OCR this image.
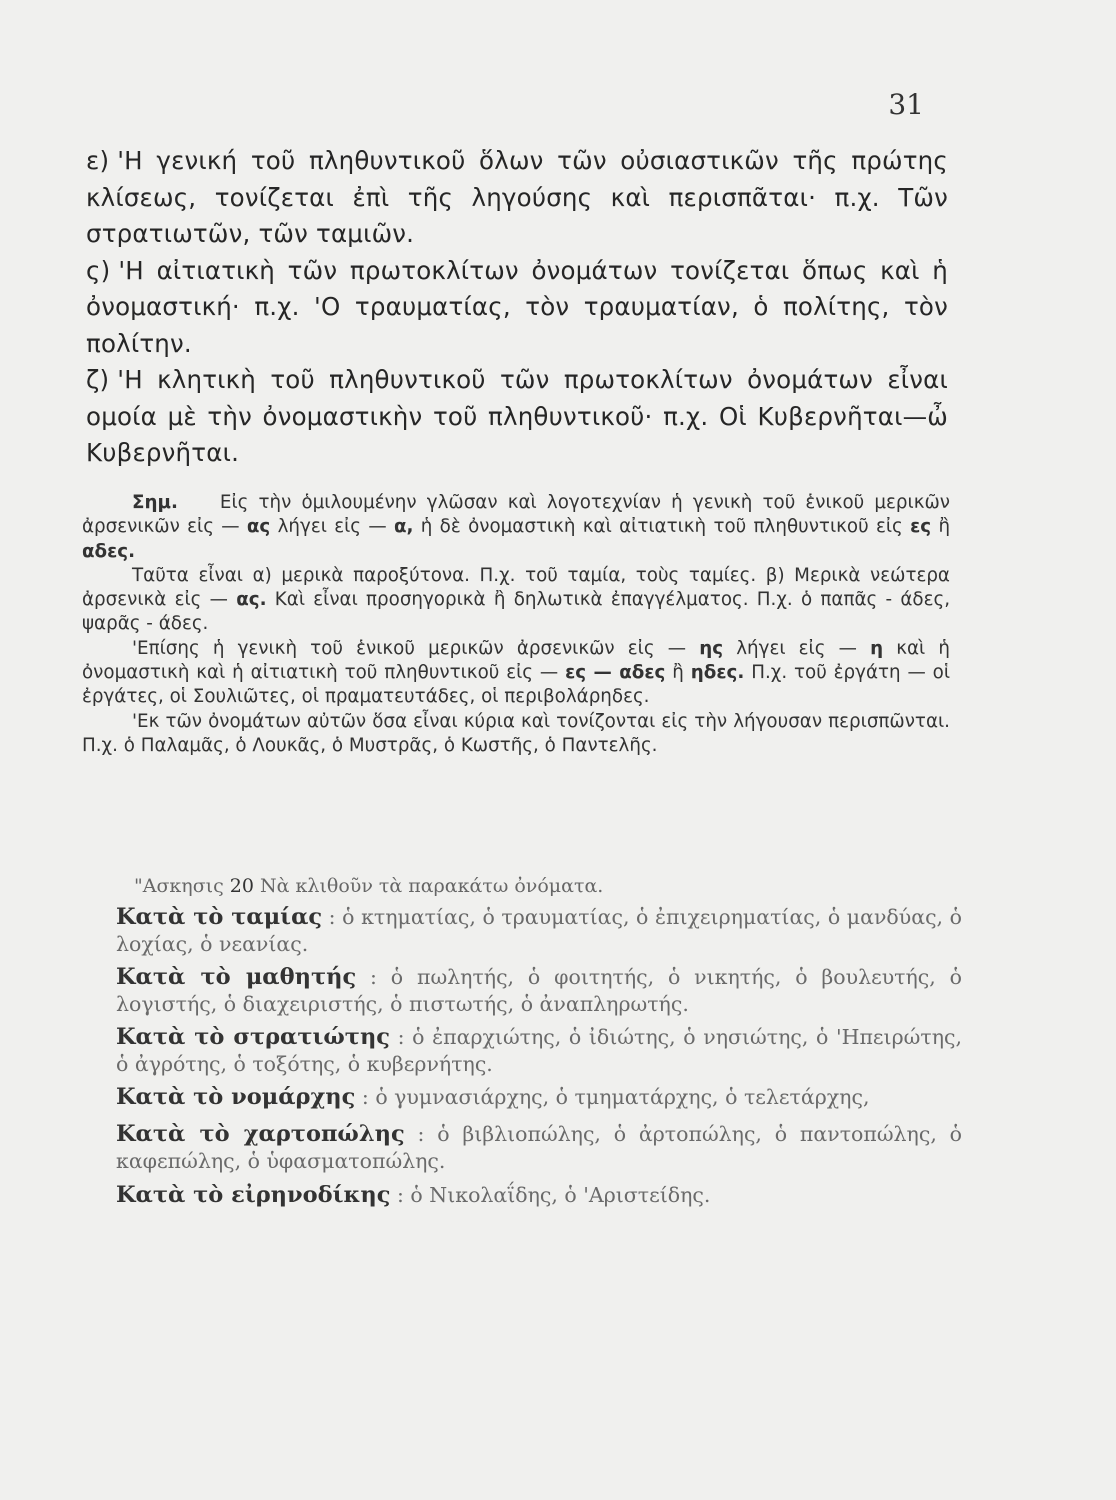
31

ε) 'Η γενική τοῦ πληθυντικοῦ ὅλων τῶν οὐσιαστικῶν τῆς πρώτης κλίσεως, τονίζεται ἐπὶ τῆς ληγούσης καὶ περισπᾶται· π.χ. Τῶν στρατιωτῶν, τῶν ταμιῶν.

ς) 'Η αἰτιατικὴ τῶν πρωτοκλίτων ὀνομάτων τονίζεται ὅπως καὶ ἡ ὀνομαστική· π.χ. 'Ο τραυματίας, τὸν τραυματίαν, ὁ πολίτης, τὸν πολίτην.

ζ) 'Η κλητικὴ τοῦ πληθυντικοῦ τῶν πρωτοκλίτων ὀνομάτων εἶναι ομοία μὲ τὴν ὀνομαστικὴν τοῦ πληθυντικοῦ· π.χ. Οἱ Κυβερνῆται—ὦ Κυβερνῆται.

Σημ. Εἰς τὴν ὁμιλουμένην γλῶσαν καὶ λογοτεχνίαν ἡ γενικὴ τοῦ ἑνικοῦ μερικῶν ἀρσενικῶν εἰς — ας λήγει εἰς — α, ἡ δὲ ὀνομαστικὴ καὶ αἰτιατικὴ τοῦ πληθυντικοῦ εἰς ες ἢ αδες.

Ταῦτα εἶναι α) μερικὰ παροξύτονα. Π.χ. τοῦ ταμία, τοὺς ταμίες. β) Μερικὰ νεώτερα ἀρσενικὰ εἰς — ας. Καὶ εἶναι προσηγορικὰ ἢ δηλωτικὰ ἐπαγγέλματος. Π.χ. ὁ παπᾶς - άδες, ψαρᾶς - άδες.

'Επίσης ἡ γενικὴ τοῦ ἑνικοῦ μερικῶν ἀρσενικῶν εἰς — ης λήγει εἰς — η καὶ ἡ ὀνομαστικὴ καὶ ἡ αἰτιατικὴ τοῦ πληθυντικοῦ εἰς — ες — αδες ἢ ηδες. Π.χ. τοῦ ἐργάτη — οἱ ἐργάτες, οἱ Σουλιῶτες, οἱ πραματευτάδες, οἱ περιβολάρηδες.

'Εκ τῶν ὀνομάτων αὐτῶν ὅσα εἶναι κύρια καὶ τονίζονται εἰς τὴν λήγουσαν περισπῶνται. Π.χ. ὁ Παλαμᾶς, ὁ Λουκᾶς, ὁ Μυστρᾶς, ὁ Κωστῆς, ὁ Παντελῆς.

"Ασκησις 20 Νὰ κλιθοῦν τὰ παρακάτω ὀνόματα.

Κατὰ τὸ ταμίας : ὁ κτηματίας, ὁ τραυματίας, ὁ ἐπιχειρηματίας, ὁ μανδύας, ὁ λοχίας, ὁ νεανίας.

Κατὰ τὸ μαθητής : ὁ πωλητής, ὁ φοιτητής, ὁ νικητής, ὁ βουλευτής, ὁ λογιστής, ὁ διαχειριστής, ὁ πιστωτής, ὁ ἀναπληρωτής.

Κατὰ τὸ στρατιώτης : ὁ ἐπαρχιώτης, ὁ ἰδιώτης, ὁ νησιώτης, ὁ 'Ηπειρώτης, ὁ ἀγρότης, ὁ τοξότης, ὁ κυβερνήτης.

Κατὰ τὸ νομάρχης : ὁ γυμνασιάρχης, ὁ τμηματάρχης, ὁ τελετάρχης,

Κατὰ τὸ χαρτοπώλης : ὁ βιβλιοπώλης, ὁ ἀρτοπώλης, ὁ παντοπώλης, ὁ καφεπώλης, ὁ ὑφασματοπώλης.

Κατὰ τὸ εἰρηνοδίκης : ὁ Νικολαΐδης, ὁ 'Αριστείδης.
